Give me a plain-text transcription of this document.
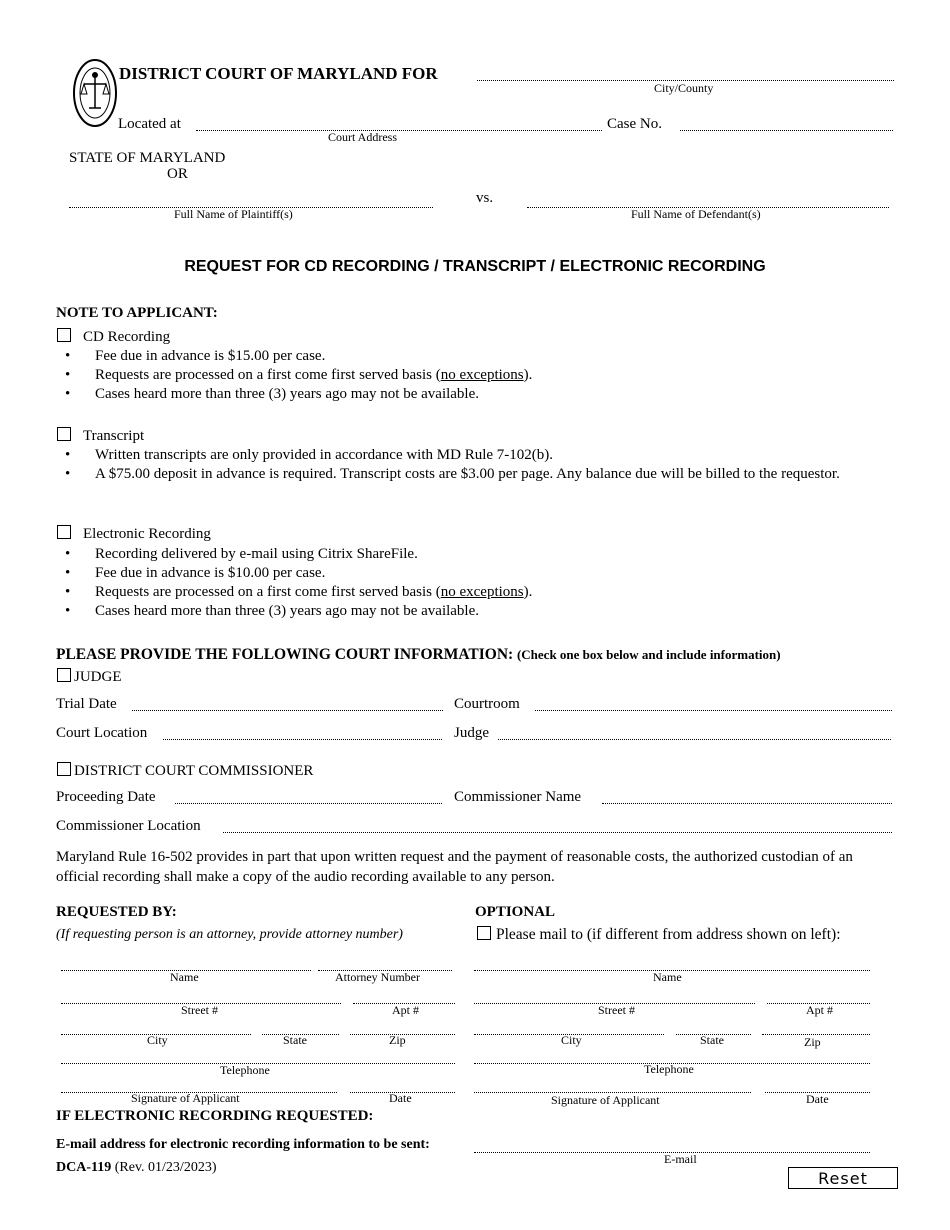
DISTRICT COURT OF MARYLAND FOR
City/County
Located at
Court Address
Case No.
STATE OF MARYLAND
OR
vs.
Full Name of Plaintiff(s)	Full Name of Defendant(s)
REQUEST FOR CD RECORDING / TRANSCRIPT / ELECTRONIC RECORDING
NOTE TO APPLICANT:
CD Recording
• Fee due in advance is $15.00 per case.
• Requests are processed on a first come first served basis (no exceptions).
• Cases heard more than three (3) years ago may not be available.
Transcript
• Written transcripts are only provided in accordance with MD Rule 7-102(b).
• A $75.00 deposit in advance is required. Transcript costs are $3.00 per page. Any balance due will be billed to the requestor.
Electronic Recording
• Recording delivered by e-mail using Citrix ShareFile.
• Fee due in advance is $10.00 per case.
• Requests are processed on a first come first served basis (no exceptions).
• Cases heard more than three (3) years ago may not be available.
PLEASE PROVIDE THE FOLLOWING COURT INFORMATION: (Check one box below and include information)
JUDGE
Trial Date	Courtroom
Court Location	Judge
DISTRICT COURT COMMISSIONER
Proceeding Date	Commissioner Name
Commissioner Location
Maryland Rule 16-502 provides in part that upon written request and the payment of reasonable costs, the authorized custodian of an official recording shall make a copy of the audio recording available to any person.
REQUESTED BY:
(If requesting person is an attorney, provide attorney number)
Name	Attorney Number
Street #	Apt #
City	State	Zip
Telephone
Signature of Applicant	Date
OPTIONAL
Please mail to (if different from address shown on left):
Name
Street #	Apt #
City	State	Zip
Telephone
Signature of Applicant	Date
IF ELECTRONIC RECORDING REQUESTED:
E-mail address for electronic recording information to be sent:
E-mail
DCA-119 (Rev. 01/23/2023)
Reset
